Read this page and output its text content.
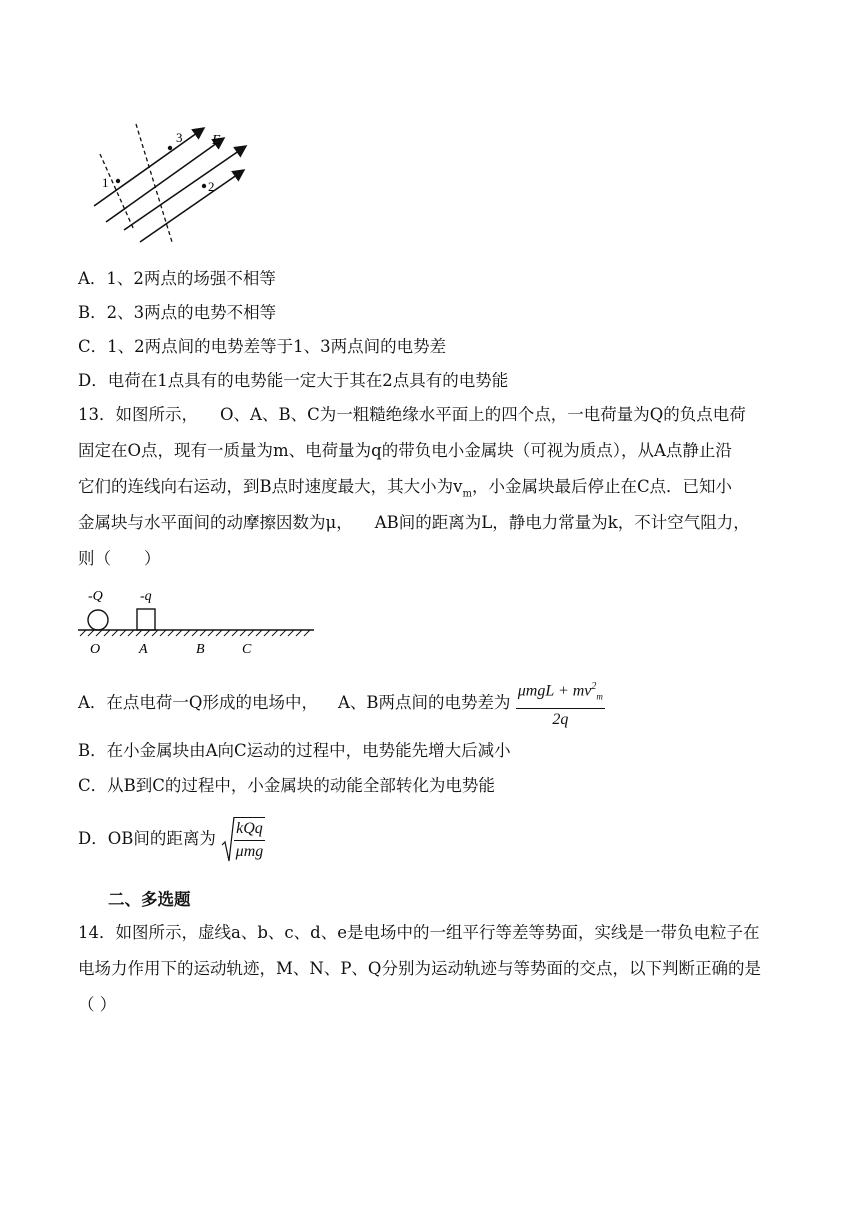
1	2
3 E
A．1、2两点的场强不相等
B．2、3两点的电势不相等
C．1、2两点间的电势差等于1、3两点间的电势差
D．电荷在1点具有的电势能一定大于其在2点具有的电势能
13．如图所示， O、A、B、C为一粗糙绝缘水平面上的四个点，一电荷量为Q的负点电荷
固定在O点，现有一质量为m、电荷量为q的带负电小金属块（可视为质点），从A点静止沿
它们的连线向右运动，到B点时速度最大，其大小为$v_m$，小金属块最后停止在C点．已知小
金属块与水平面间的动摩擦因数为μ， AB间的距离为L，静电力常量为k，不计空气阻力，
则（　　）
-Q	-q
O	A	B	C
A．在点电荷一Q形成的电场中， A、B两点间的电势差为 $\frac{\mu mgL + mv^2_m}{2q}$
B．在小金属块由A向C运动的过程中，电势能先增大后减小
C．从B到C的过程中，小金属块的动能全部转化为电势能
D．OB间的距离为 $\frac{\text{kQq}}{\text{μmg}}$
二、多选题
14．如图所示，虚线a、b、c、d、e是电场中的一组平行等差等势面，实线是一带负电粒子在
电场力作用下的运动轨迹，M、N、P、Q分别为运动轨迹与等势面的交点，以下判断正确的是
（ ）
